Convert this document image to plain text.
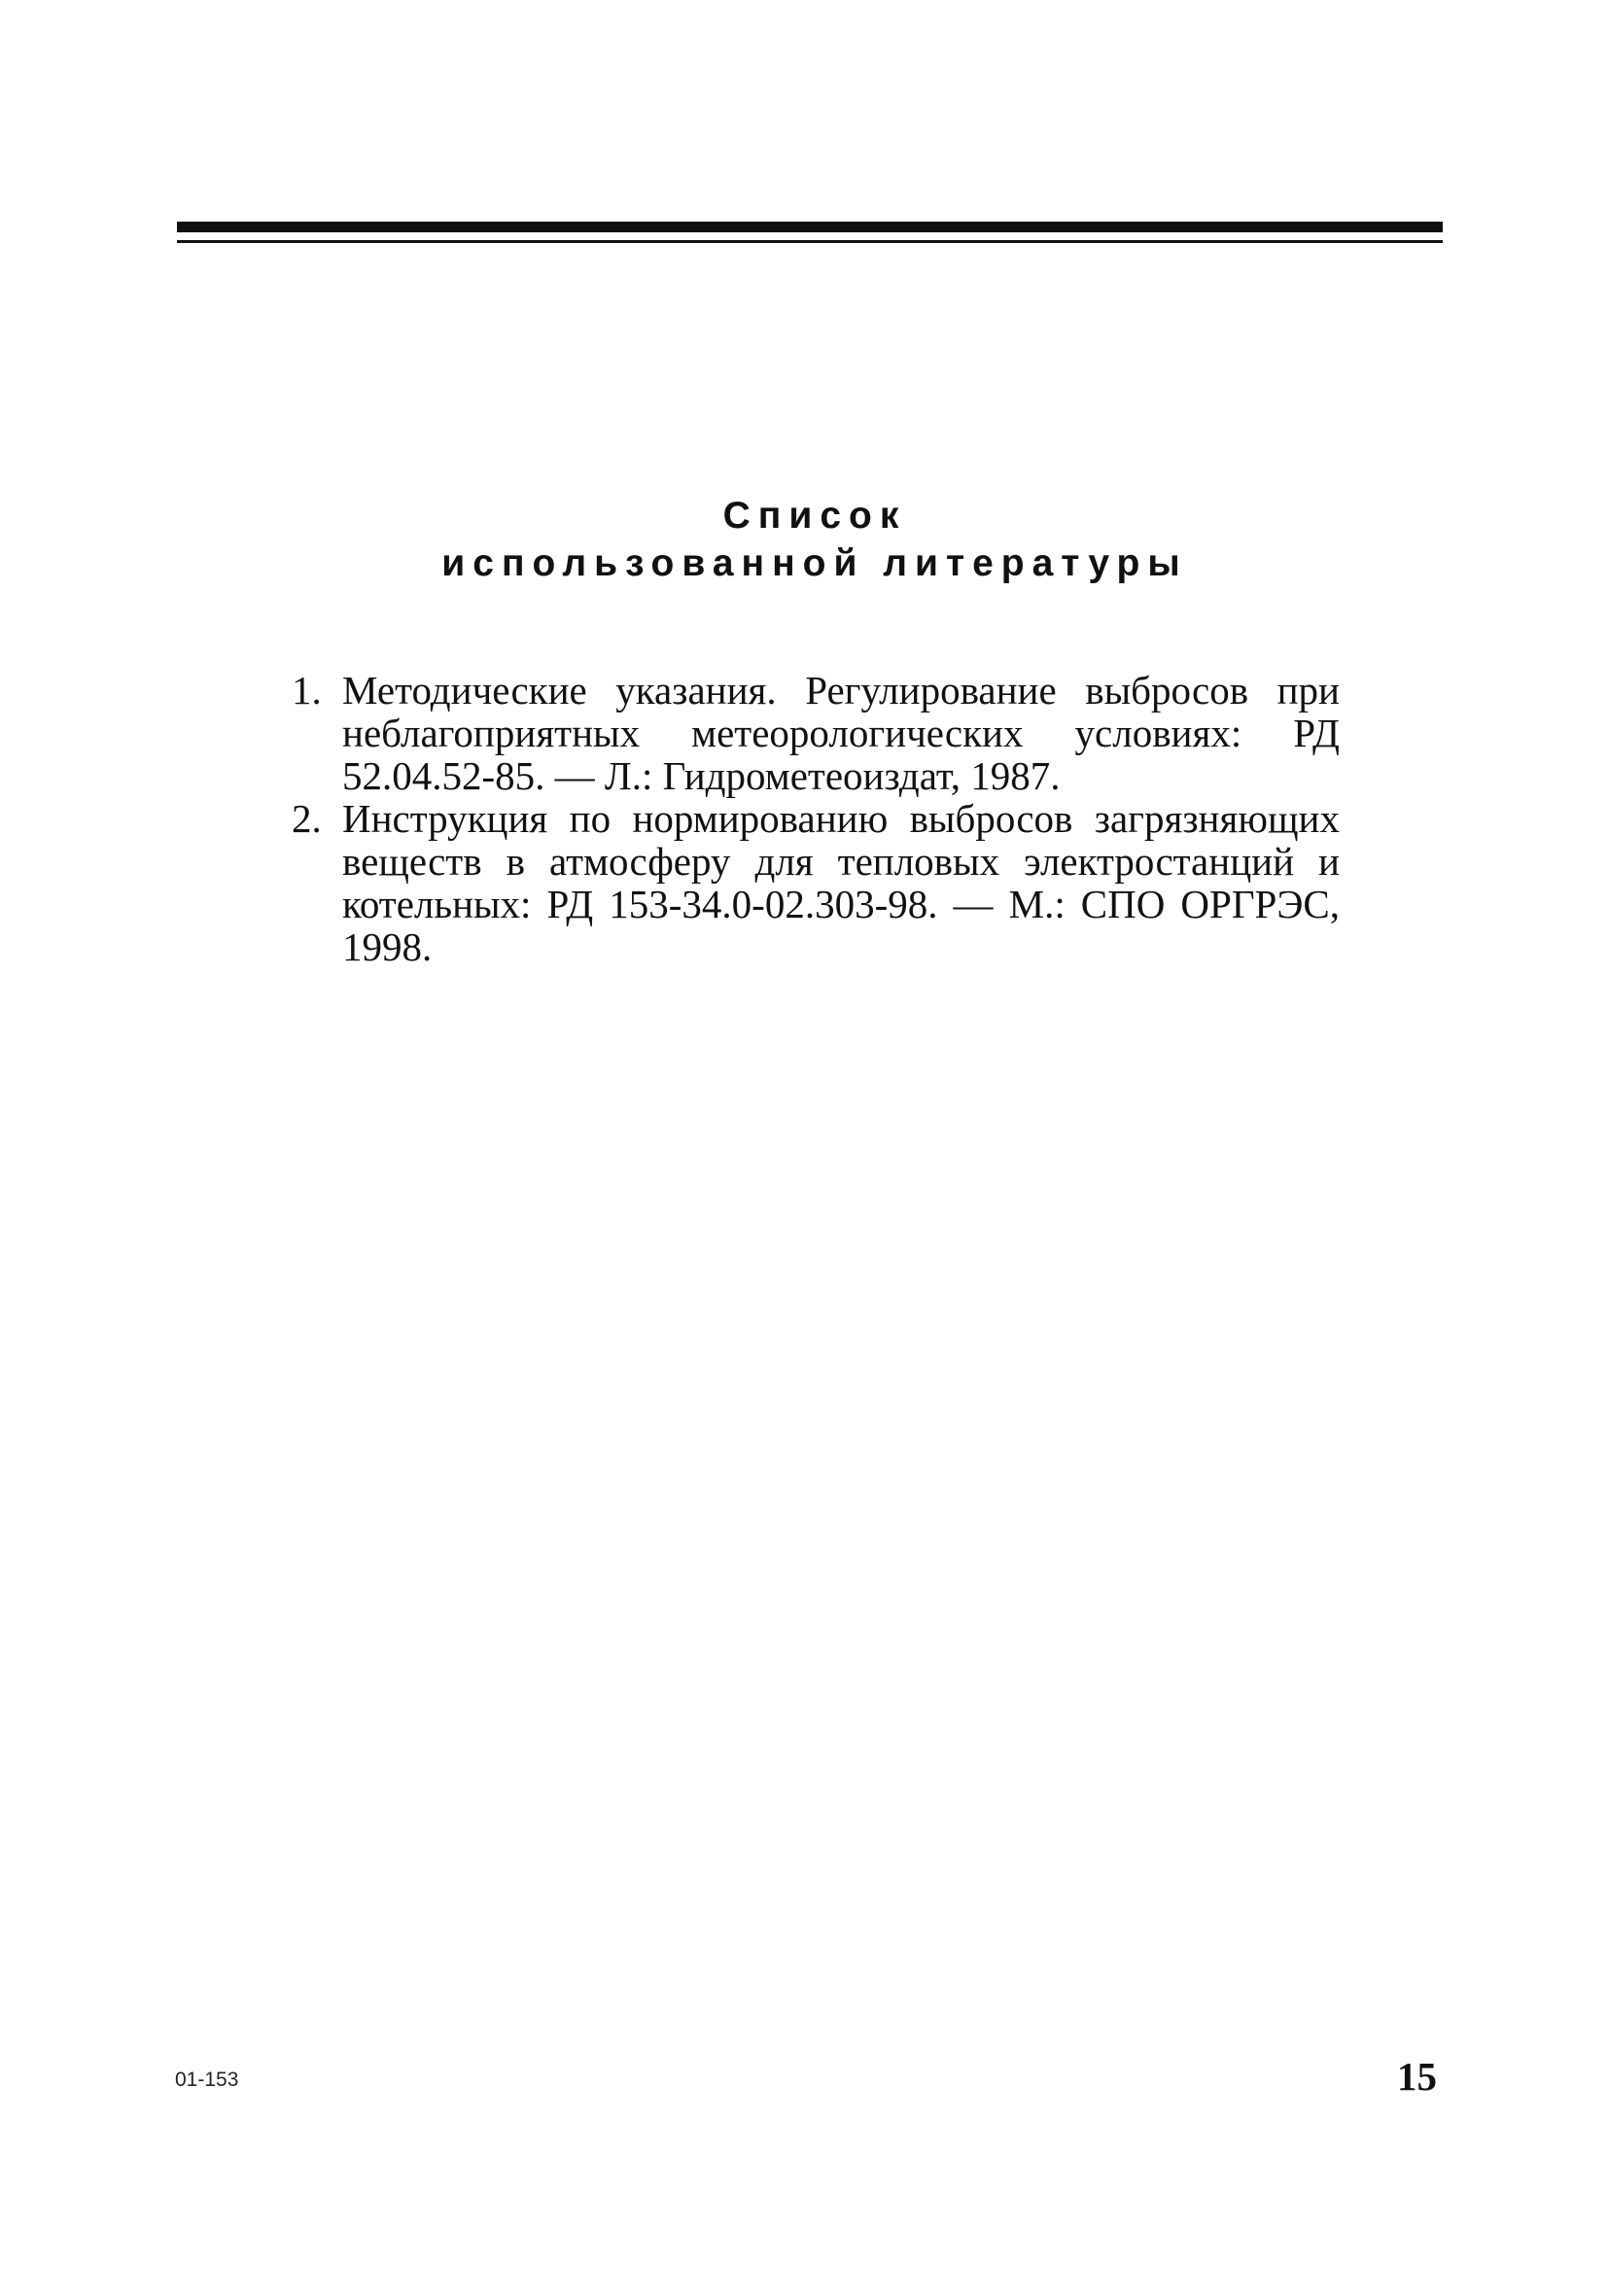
Список
использованной литературы
1. Методические указания. Регулирование выбросов при неблагоприятных метеорологических условиях: РД 52.04.52-85. — Л.: Гидрометеоиздат, 1987.
2. Инструкция по нормированию выбросов загрязняющих веществ в атмосферу для тепловых электростанций и котельных: РД 153-34.0-02.303-98. — М.: СПО ОРГРЭС, 1998.
01-153	15
